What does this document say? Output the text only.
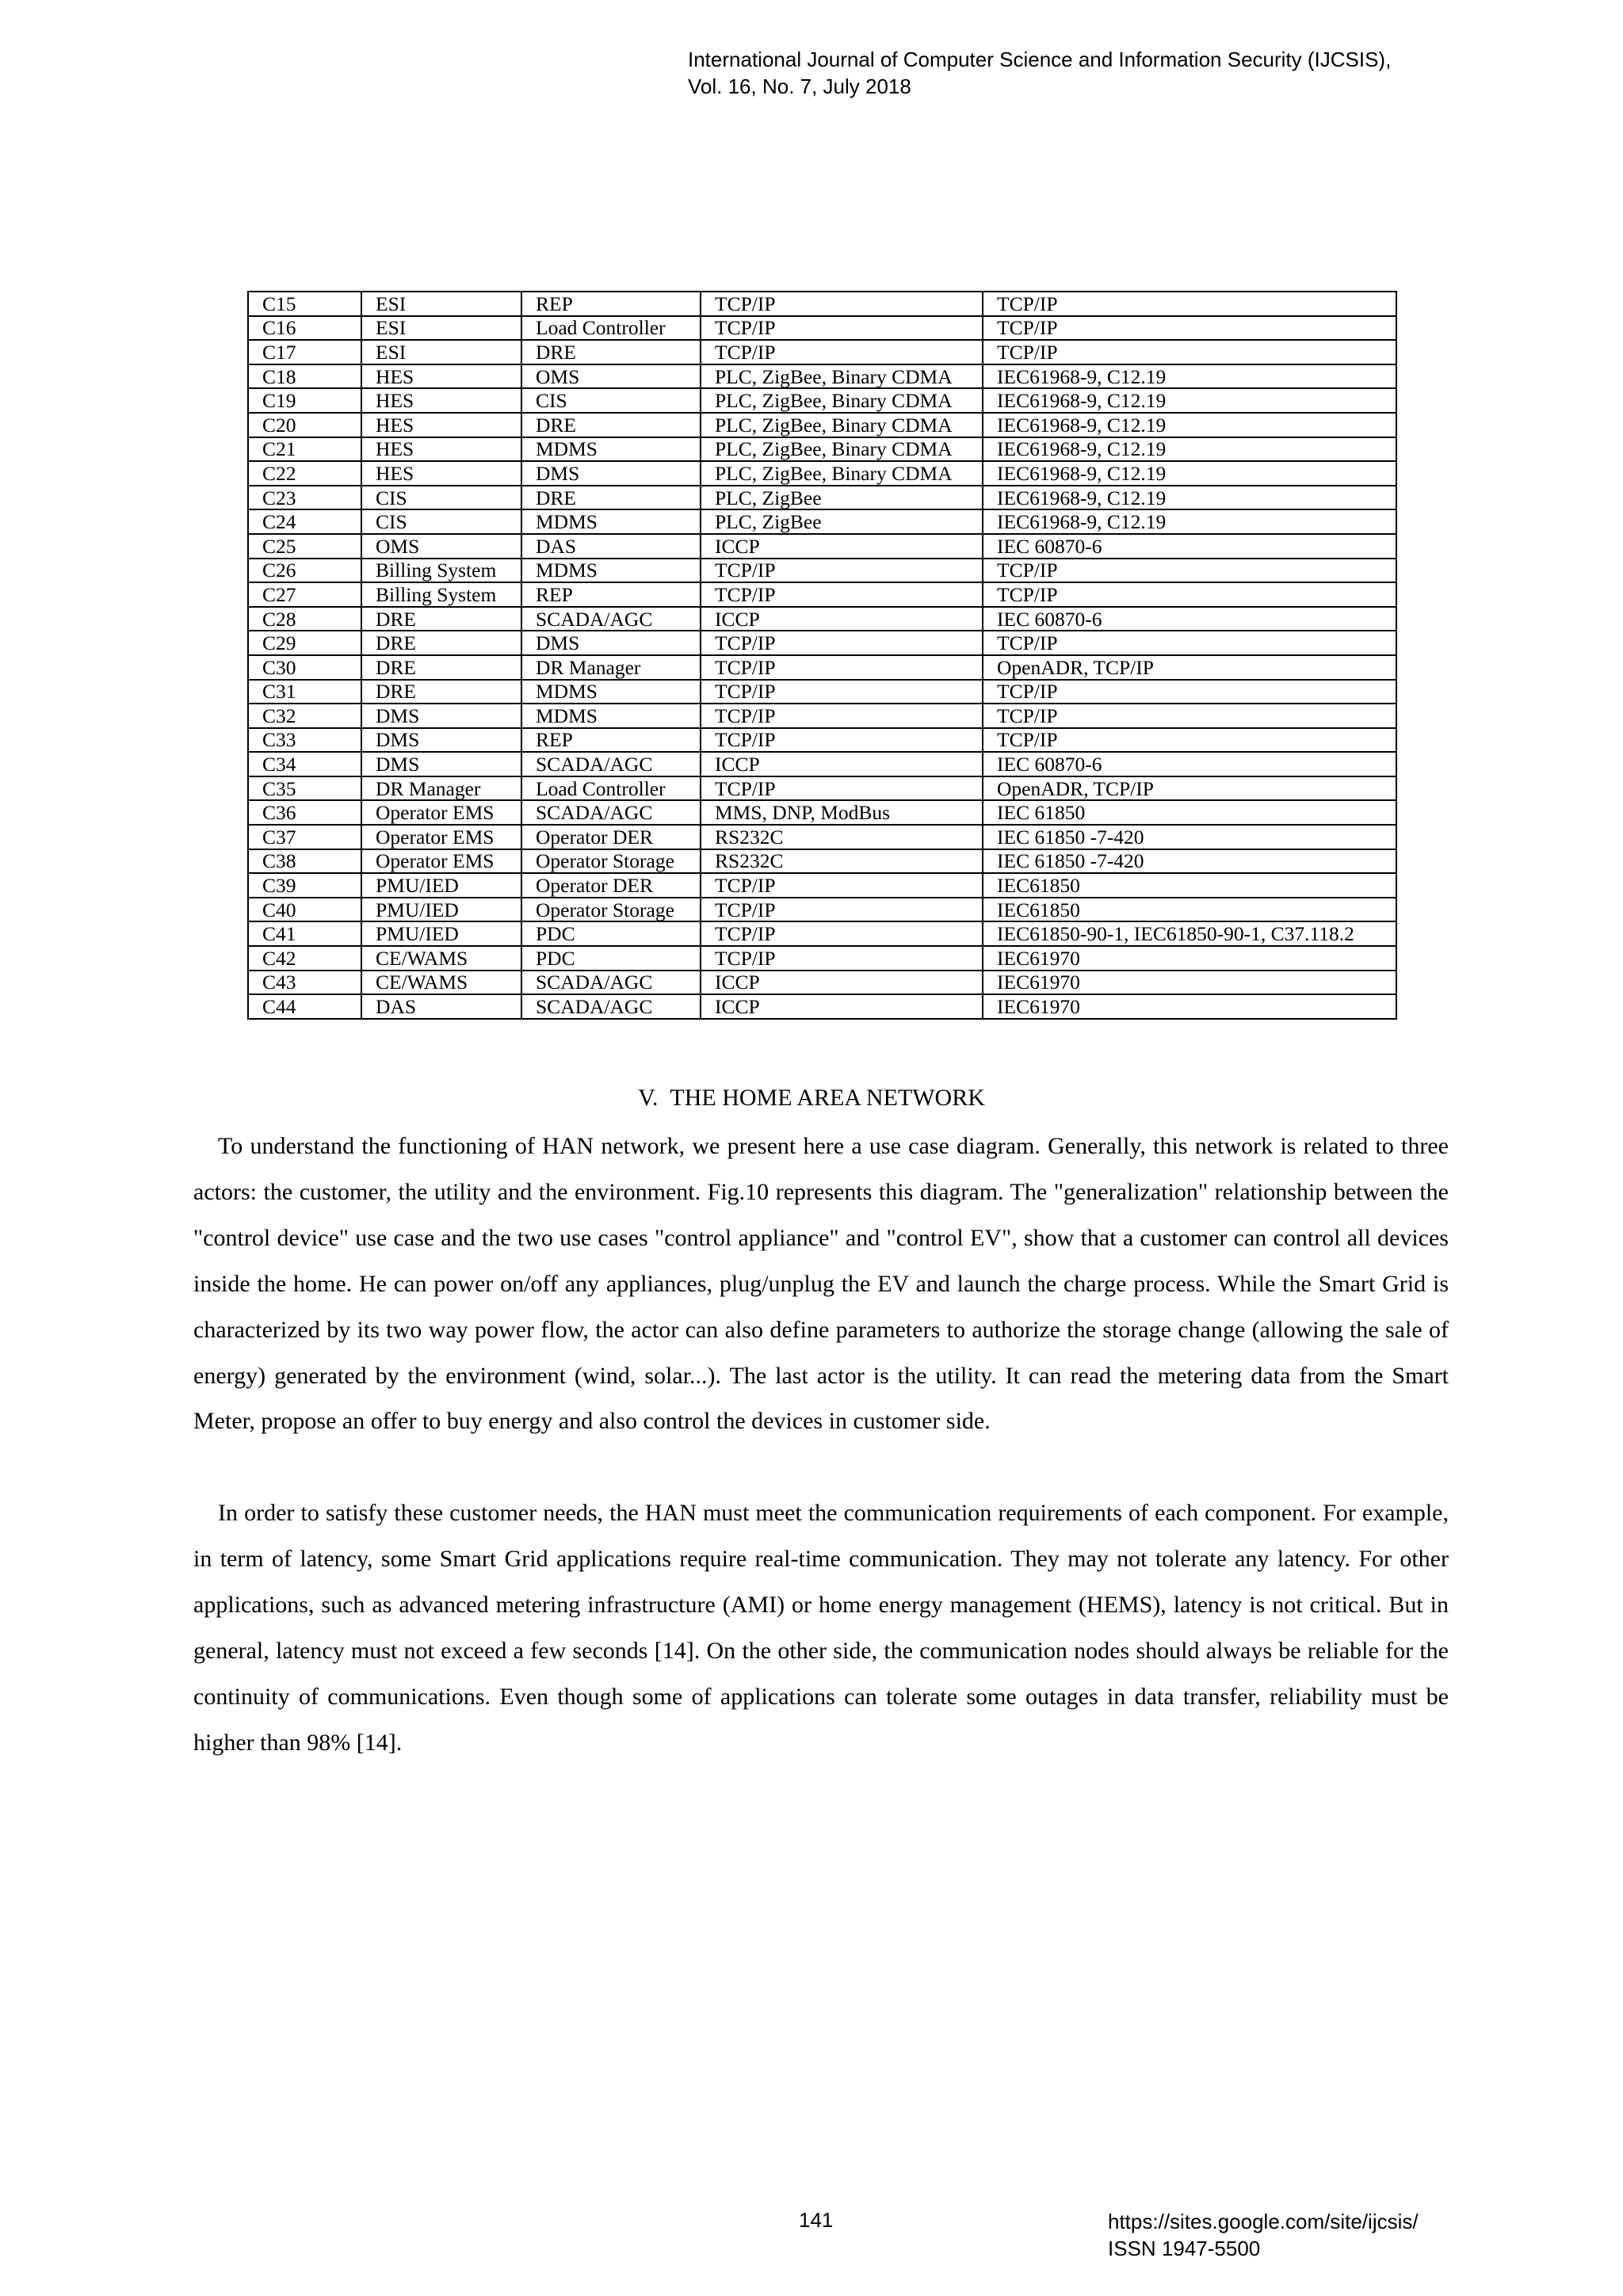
International Journal of Computer Science and Information Security (IJCSIS),
Vol. 16, No. 7, July 2018
C15	ESI	REP	TCP/IP	TCP/IP
C16	ESI	Load Controller	TCP/IP	TCP/IP
C17	ESI	DRE	TCP/IP	TCP/IP
C18	HES	OMS	PLC, ZigBee, Binary CDMA	IEC61968-9, C12.19
C19	HES	CIS	PLC, ZigBee, Binary CDMA	IEC61968-9, C12.19
C20	HES	DRE	PLC, ZigBee, Binary CDMA	IEC61968-9, C12.19
C21	HES	MDMS	PLC, ZigBee, Binary CDMA	IEC61968-9, C12.19
C22	HES	DMS	PLC, ZigBee, Binary CDMA	IEC61968-9, C12.19
C23	CIS	DRE	PLC, ZigBee	IEC61968-9, C12.19
C24	CIS	MDMS	PLC, ZigBee	IEC61968-9, C12.19
C25	OMS	DAS	ICCP	IEC 60870-6
C26	Billing System	MDMS	TCP/IP	TCP/IP
C27	Billing System	REP	TCP/IP	TCP/IP
C28	DRE	SCADA/AGC	ICCP	IEC 60870-6
C29	DRE	DMS	TCP/IP	TCP/IP
C30	DRE	DR Manager	TCP/IP	OpenADR, TCP/IP
C31	DRE	MDMS	TCP/IP	TCP/IP
C32	DMS	MDMS	TCP/IP	TCP/IP
C33	DMS	REP	TCP/IP	TCP/IP
C34	DMS	SCADA/AGC	ICCP	IEC 60870-6
C35	DR Manager	Load Controller	TCP/IP	OpenADR, TCP/IP
C36	Operator EMS	SCADA/AGC	MMS, DNP, ModBus	IEC 61850
C37	Operator EMS	Operator DER	RS232C	IEC 61850 -7-420
C38	Operator EMS	Operator Storage	RS232C	IEC 61850 -7-420
C39	PMU/IED	Operator DER	TCP/IP	IEC61850
C40	PMU/IED	Operator Storage	TCP/IP	IEC61850
C41	PMU/IED	PDC	TCP/IP	IEC61850-90-1, IEC61850-90-1, C37.118.2
C42	CE/WAMS	PDC	TCP/IP	IEC61970
C43	CE/WAMS	SCADA/AGC	ICCP	IEC61970
C44	DAS	SCADA/AGC	ICCP	IEC61970
V.  THE HOME AREA NETWORK

To understand the functioning of HAN network, we present here a use case diagram. Generally, this network is related to three actors: the customer, the utility and the environment. Fig.10 represents this diagram. The "generalization" relationship between the "control device" use case and the two use cases "control appliance" and "control EV", show that a customer can control all devices inside the home. He can power on/off any appliances, plug/unplug the EV and launch the charge process. While the Smart Grid is characterized by its two way power flow, the actor can also define parameters to authorize the storage change (allowing the sale of energy) generated by the environment (wind, solar...). The last actor is the utility. It can read the metering data from the Smart Meter, propose an offer to buy energy and also control the devices in customer side.

In order to satisfy these customer needs, the HAN must meet the communication requirements of each component. For example, in term of latency, some Smart Grid applications require real-time communication. They may not tolerate any latency. For other applications, such as advanced metering infrastructure (AMI) or home energy management (HEMS), latency is not critical. But in general, latency must not exceed a few seconds [14]. On the other side, the communication nodes should always be reliable for the continuity of communications. Even though some of applications can tolerate some outages in data transfer, reliability must be higher than 98% [14].

141	https://sites.google.com/site/ijcsis/
ISSN 1947-5500
